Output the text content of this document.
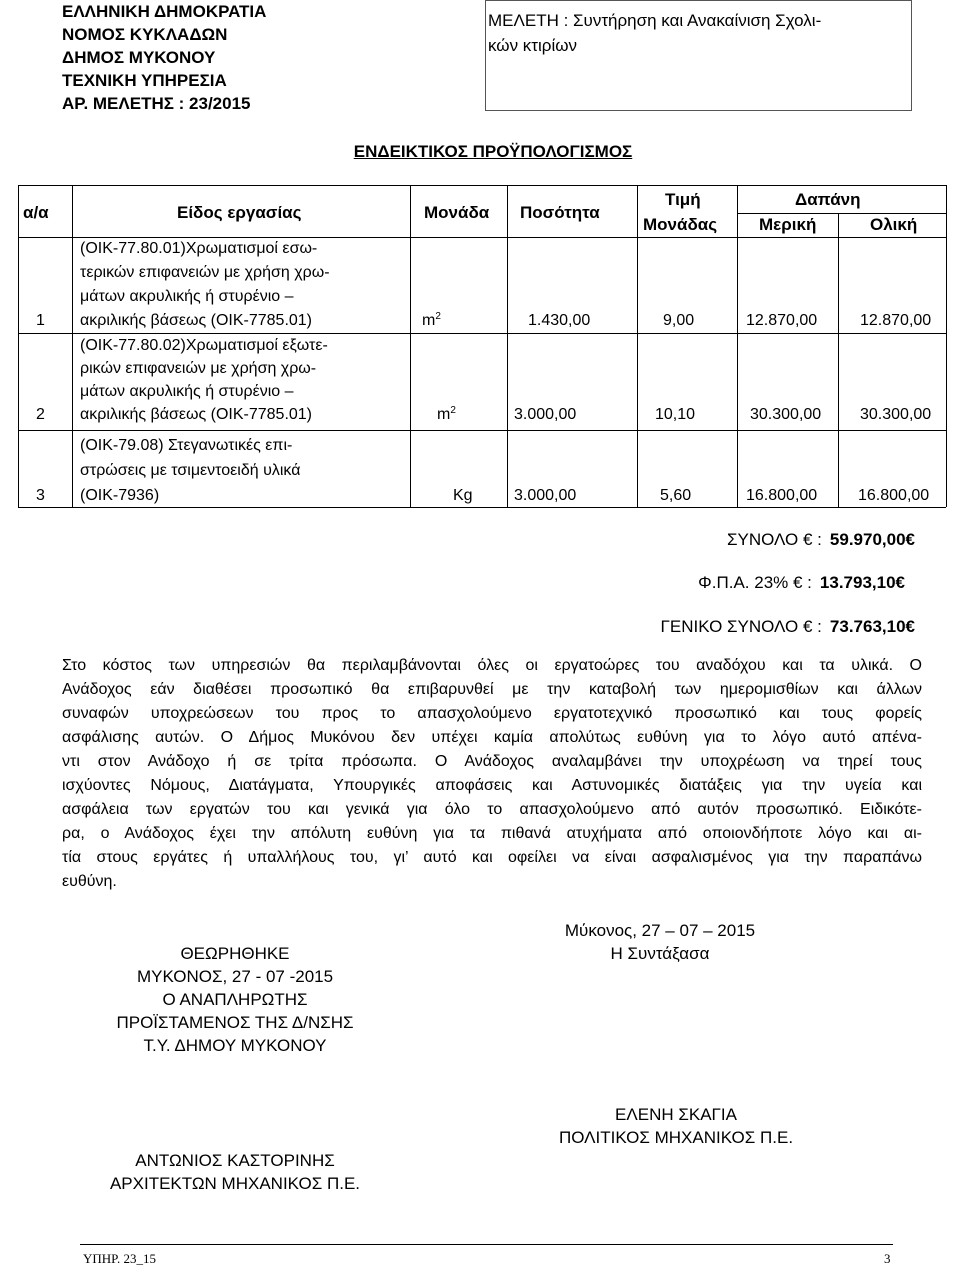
ΕΛΛΗΝΙΚΗ ΔΗΜΟΚΡΑΤΙΑ
ΝΟΜΟΣ ΚΥΚΛΑΔΩΝ
ΔΗΜΟΣ ΜΥΚΟΝΟΥ
ΤΕΧΝΙΚΗ ΥΠΗΡΕΣΙΑ
ΑΡ. ΜΕΛΕΤΗΣ : 23/2015
ΜΕΛΕΤΗ : Συντήρηση και Ανακαίνιση Σχολι-
κών κτιρίων
ΕΝΔΕΙΚΤΙΚΟΣ ΠΡΟΫΠΟΛΟΓΙΣΜΟΣ
α/α	Είδος εργασίας	Μονάδα Ποσότητα
Τιμή
Μονάδας
Δαπάνη
Μερική	Ολική
1
(ΟΙΚ-77.80.01)Χρωματισμοί εσω-
τερικών επιφανειών με χρήση χρω-
μάτων ακρυλικής ή στυρένιο –
ακριλικής βάσεως (ΟΙΚ-7785.01)	$m^2$	1.430,00	9,00	12.870,00	12.870,00
2
(ΟΙΚ-77.80.02)Χρωματισμοί εξωτε-
ρικών επιφανειών με χρήση χρω-
μάτων ακρυλικής ή στυρένιο –
ακριλικής βάσεως (ΟΙΚ-7785.01)	$m^2$	3.000,00	10,10	30.300,00 30.300,00
3
(ΟΙΚ-79.08) Στεγανωτικές επι-
στρώσεις με τσιμεντοειδή υλικά
(ΟΙΚ-7936)	Kg	3.000,00	5,60	16.800,00	16.800,00
ΣΥΝΟΛΟ € : 59.970,00€
Φ.Π.Α. 23% € : 13.793,10€
ΓΕΝΙΚΟ ΣΥΝΟΛΟ € : 73.763,10€
Στο κόστος των υπηρεσιών θα περιλαμβάνονται όλες οι εργατοώρες του αναδόχου και τα υλικά. Ο
Ανάδοχος εάν διαθέσει προσωπικό θα επιβαρυνθεί με την καταβολή των ημερομισθίων και άλλων
συναφών υποχρεώσεων του προς το απασχολούμενο εργατοτεχνικό προσωπικό και τους φορείς
ασφάλισης αυτών. Ο Δήμος Μυκόνου δεν υπέχει καμία απολύτως ευθύνη για το λόγο αυτό απένα-
ντι στον Ανάδοχο ή σε τρίτα πρόσωπα. Ο Ανάδοχος αναλαμβάνει την υποχρέωση να τηρεί τους
ισχύοντες Νόμους, Διατάγματα, Υπουργικές αποφάσεις και Αστυνομικές διατάξεις για την υγεία και
ασφάλεια των εργατών του και γενικά για όλο το απασχολούμενο από αυτόν προσωπικό. Ειδικότε-
ρα, ο Ανάδοχος έχει την απόλυτη ευθύνη για τα πιθανά ατυχήματα από οποιονδήποτε λόγο και αι-
τία στους εργάτες ή υπαλλήλους του, γι’ αυτό και οφείλει να είναι ασφαλισμένος για την παραπάνω
ευθύνη.
Μύκονος, 27 – 07 – 2015
Η Συντάξασα
ΘΕΩΡΗΘΗΚΕ
ΜΥΚΟΝΟΣ, 27 - 07 -2015
Ο ΑΝΑΠΛΗΡΩΤΗΣ
ΠΡΟΪΣΤΑΜΕΝΟΣ ΤΗΣ Δ/ΝΣΗΣ
Τ.Υ. ΔΗΜΟΥ ΜΥΚΟΝΟΥ
ΕΛΕΝΗ ΣΚΑΓΙΑ
ΠΟΛΙΤΙΚΟΣ ΜΗΧΑΝΙΚΟΣ Π.Ε.
ΑΝΤΩΝΙΟΣ ΚΑΣΤΟΡΙΝΗΣ
ΑΡΧΙΤΕΚΤΩΝ ΜΗΧΑΝΙΚΟΣ Π.Ε.
ΥΠΗΡ. 23_15	3
